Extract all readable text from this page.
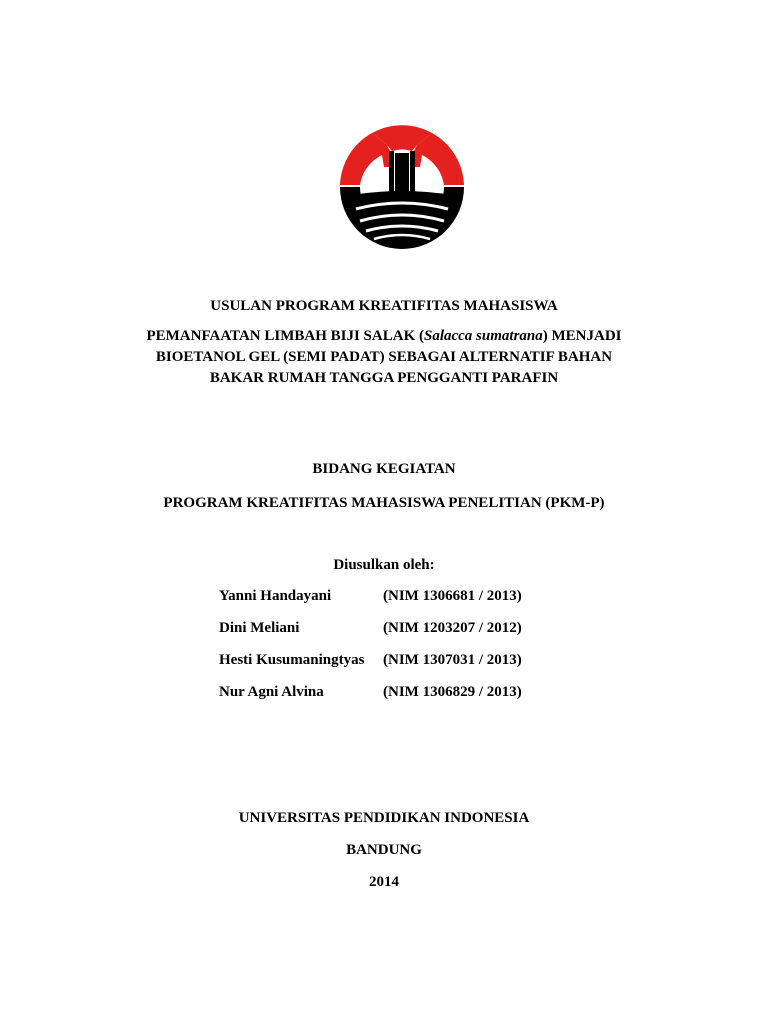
USULAN PROGRAM KREATIFITAS MAHASISWA
PEMANFAATAN LIMBAH BIJI SALAK (Salacca sumatrana) MENJADI
BIOETANOL GEL (SEMI PADAT) SEBAGAI ALTERNATIF BAHAN
BAKAR RUMAH TANGGA PENGGANTI PARAFIN
BIDANG KEGIATAN
PROGRAM KREATIFITAS MAHASISWA PENELITIAN (PKM-P)
Diusulkan oleh:
Yanni Handayani	(NIM 1306681 / 2013)
Dini Meliani	(NIM 1203207 / 2012)
Hesti Kusumaningtyas (NIM 1307031 / 2013)
Nur Agni Alvina	(NIM 1306829 / 2013)
UNIVERSITAS PENDIDIKAN INDONESIA
BANDUNG
2014
